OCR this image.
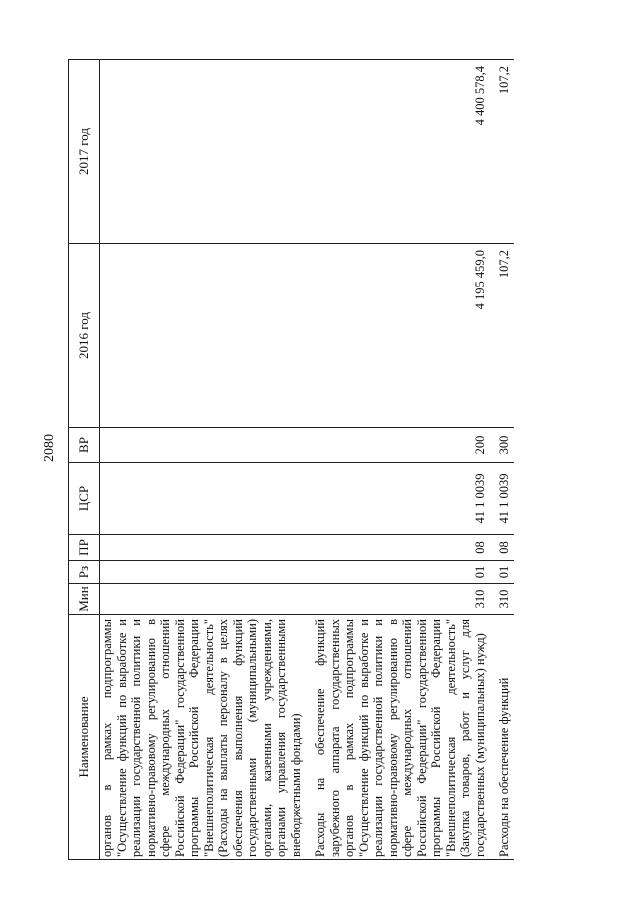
2080
Наименование	Мин	Рз	ПР	ЦСР	ВР	2016 год	2017 год
органов в рамках подпрограммы "Осуществление функций по выработке и реализации государственной политики и нормативно-правовому регулированию в сфере международных отношений Российской Федерации" государственной программы Российской Федерации "Внешнеполитическая деятельность" (Расходы на выплаты персоналу в целях обеспечения выполнения функций государственными (муниципальными) органами, казенными учреждениями, органами управления государственными внебюджетными фондами)							
Расходы на обеспечение функций зарубежного аппарата государственных органов в рамках подпрограммы "Осуществление функций по выработке и реализации государственной политики и нормативно-правовому регулированию в сфере международных отношений Российской Федерации" государственной программы Российской Федерации "Внешнеполитическая деятельность" (Закупка товаров, работ и услуг для государственных (муниципальных) нужд)	310	01	08	41 1 0039	200	4 195 459,0	4 400 578,4
Расходы на обеспечение функций	310	01	08	41 1 0039	300	107,2	107,2
